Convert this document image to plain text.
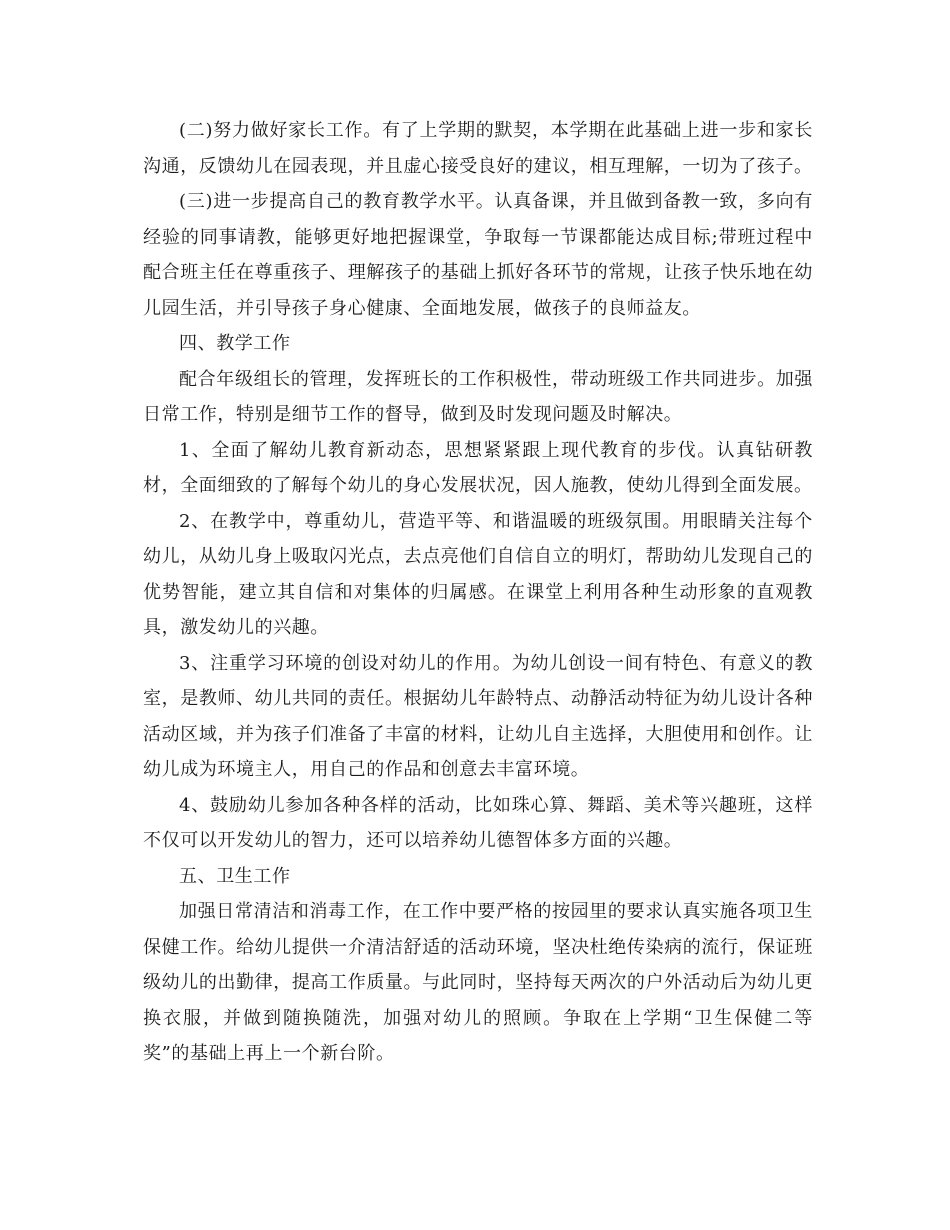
(二)努力做好家长工作。有了上学期的默契，本学期在此基础上进一步和家长沟通，反馈幼儿在园表现，并且虚心接受良好的建议，相互理解，一切为了孩子。

(三)进一步提高自己的教育教学水平。认真备课，并且做到备教一致，多向有经验的同事请教，能够更好地把握课堂，争取每一节课都能达成目标;带班过程中配合班主任在尊重孩子、理解孩子的基础上抓好各环节的常规，让孩子快乐地在幼儿园生活，并引导孩子身心健康、全面地发展，做孩子的良师益友。

四、教学工作

配合年级组长的管理，发挥班长的工作积极性，带动班级工作共同进步。加强日常工作，特别是细节工作的督导，做到及时发现问题及时解决。

1、全面了解幼儿教育新动态，思想紧紧跟上现代教育的步伐。认真钻研教材，全面细致的了解每个幼儿的身心发展状况，因人施教，使幼儿得到全面发展。

2、在教学中，尊重幼儿，营造平等、和谐温暖的班级氛围。用眼睛关注每个幼儿，从幼儿身上吸取闪光点，去点亮他们自信自立的明灯，帮助幼儿发现自己的优势智能，建立其自信和对集体的归属感。在课堂上利用各种生动形象的直观教具，激发幼儿的兴趣。

3、注重学习环境的创设对幼儿的作用。为幼儿创设一间有特色、有意义的教室，是教师、幼儿共同的责任。根据幼儿年龄特点、动静活动特征为幼儿设计各种活动区域，并为孩子们准备了丰富的材料，让幼儿自主选择，大胆使用和创作。让幼儿成为环境主人，用自己的作品和创意去丰富环境。

4、鼓励幼儿参加各种各样的活动，比如珠心算、舞蹈、美术等兴趣班，这样不仅可以开发幼儿的智力，还可以培养幼儿德智体多方面的兴趣。

五、卫生工作

加强日常清洁和消毒工作，在工作中要严格的按园里的要求认真实施各项卫生保健工作。给幼儿提供一介清洁舒适的活动环境，坚决杜绝传染病的流行，保证班级幼儿的出勤律，提高工作质量。与此同时，坚持每天两次的户外活动后为幼儿更换衣服，并做到随换随洗，加强对幼儿的照顾。争取在上学期“卫生保健二等奖”的基础上再上一个新台阶。
